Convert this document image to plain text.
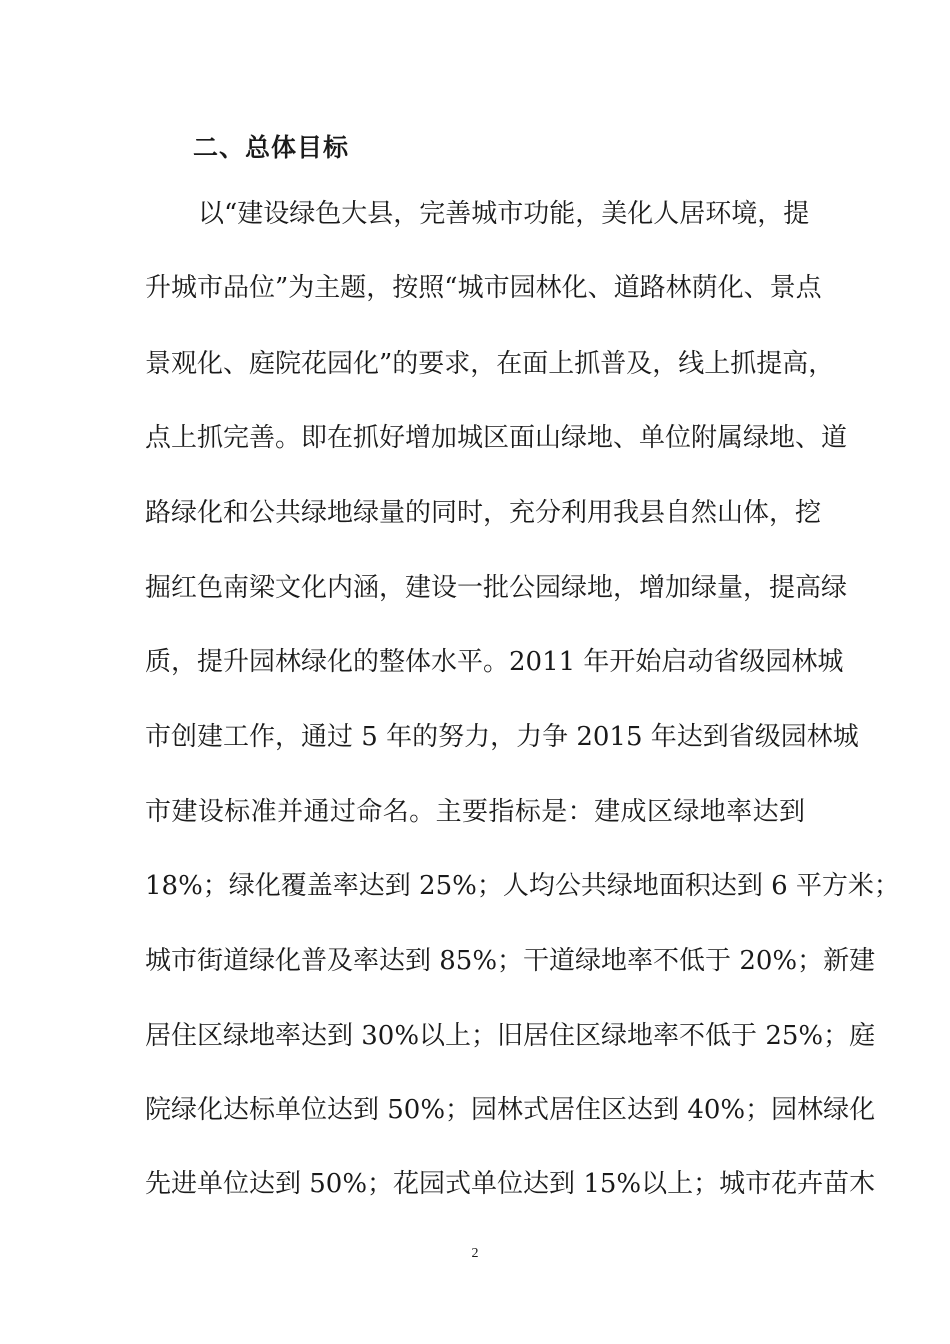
二、总体目标
以“建设绿色大县，完善城市功能，美化人居环境，提
升城市品位”为主题，按照“城市园林化、道路林荫化、景点
景观化、庭院花园化”的要求，在面上抓普及，线上抓提高，
点上抓完善。即在抓好增加城区面山绿地、单位附属绿地、道
路绿化和公共绿地绿量的同时，充分利用我县自然山体，挖
掘红色南梁文化内涵，建设一批公园绿地，增加绿量，提高绿
质，提升园林绿化的整体水平。2011 年开始启动省级园林城
市创建工作，通过 5 年的努力，力争 2015 年达到省级园林城
市建设标准并通过命名。主要指标是：建成区绿地率达到
18%；绿化覆盖率达到 25%；人均公共绿地面积达到 6 平方米；
城市街道绿化普及率达到 85%；干道绿地率不低于 20%；新建
居住区绿地率达到 30%以上；旧居住区绿地率不低于 25%；庭
院绿化达标单位达到 50%；园林式居住区达到 40%；园林绿化
先进单位达到 50%；花园式单位达到 15%以上；城市花卉苗木
2
